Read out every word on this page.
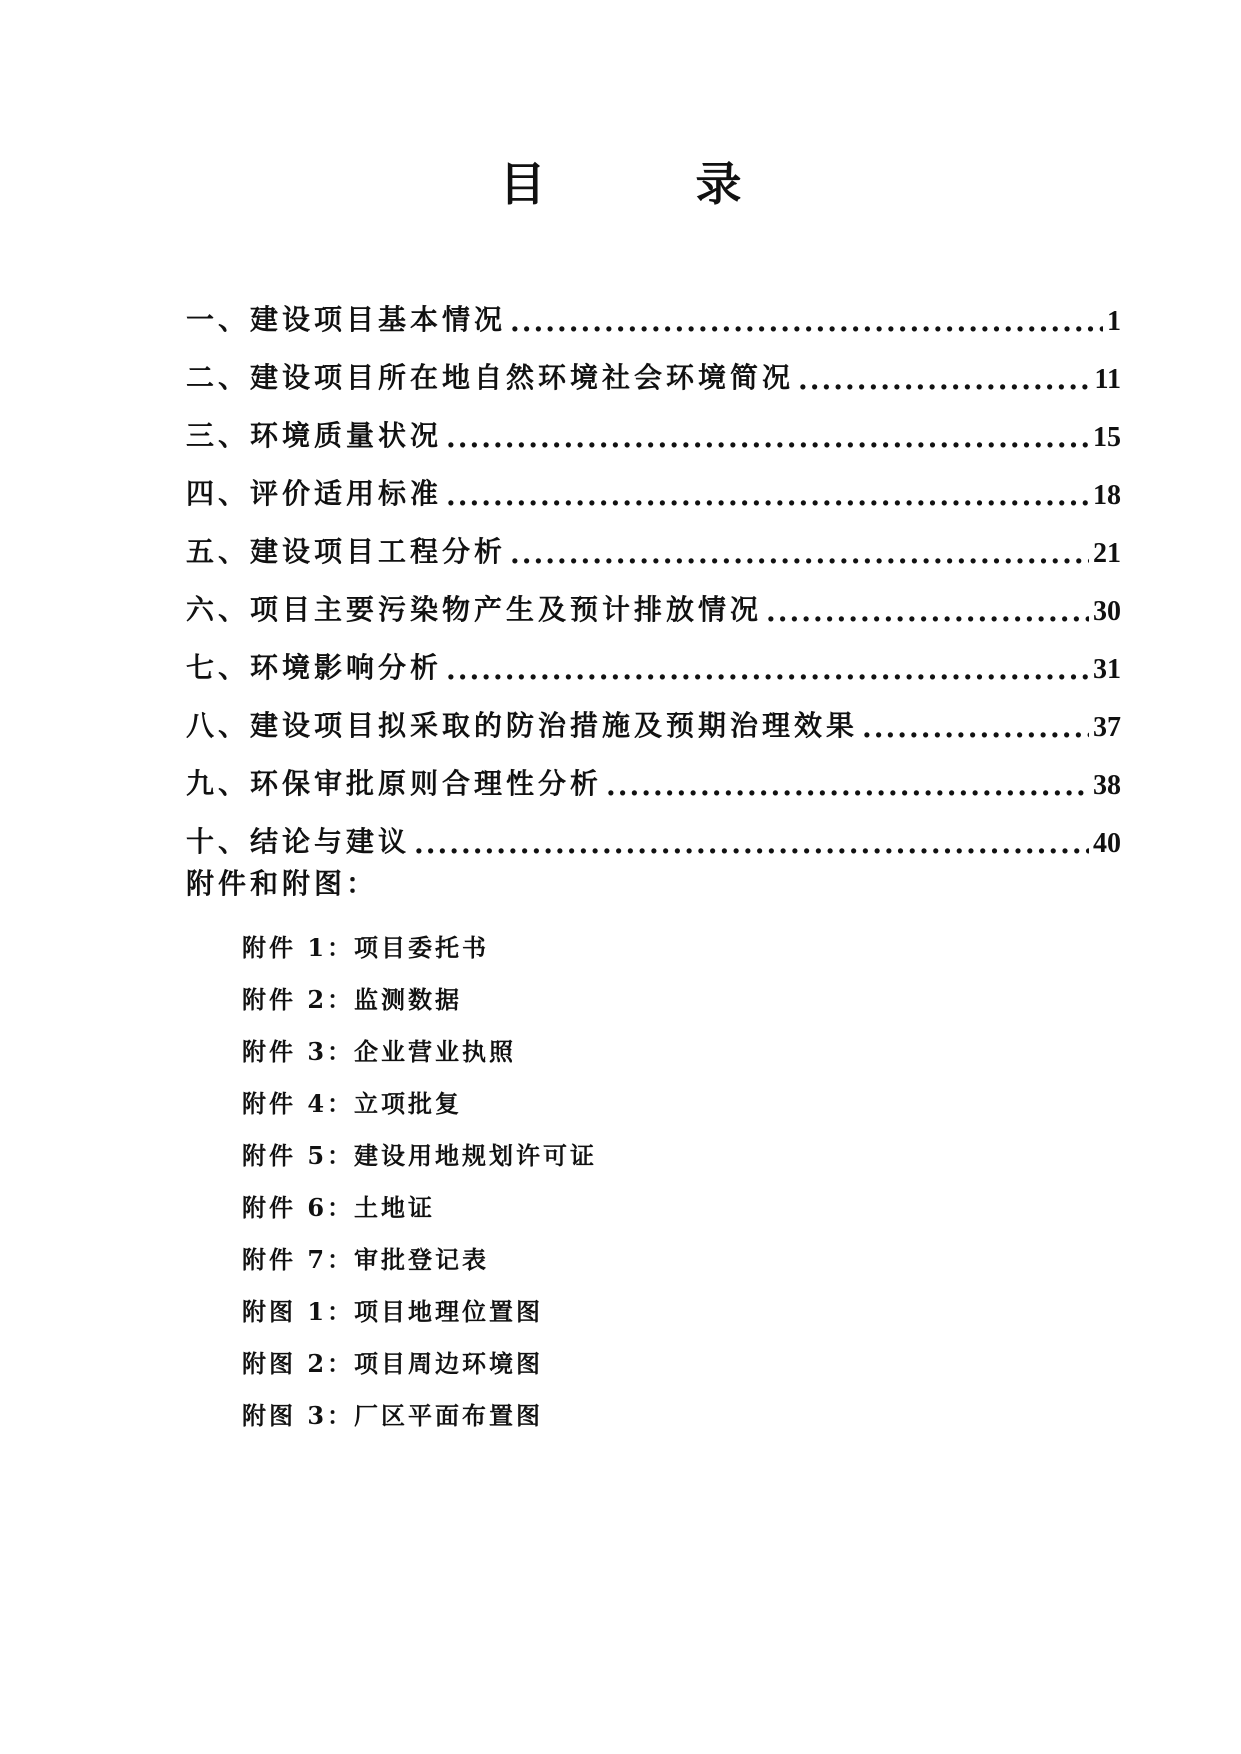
目	录
一、建设项目基本情况 .....	1
二、建设项目所在地自然环境社会环境简况 .....	11
三、环境质量状况 .....	15
四、评价适用标准 .....	18
五、建设项目工程分析 .....	21
六、项目主要污染物产生及预计排放情况 .....	30
七、环境影响分析 .....	31
八、建设项目拟采取的防治措施及预期治理效果 .....	37
九、环保审批原则合理性分析 .....	38
十、结论与建议 .....	40
附件和附图：
附件 1：项目委托书
附件 2：监测数据
附件 3：企业营业执照
附件 4：立项批复
附件 5：建设用地规划许可证
附件 6：土地证
附件 7：审批登记表
附图 1：项目地理位置图
附图 2：项目周边环境图
附图 3：厂区平面布置图
